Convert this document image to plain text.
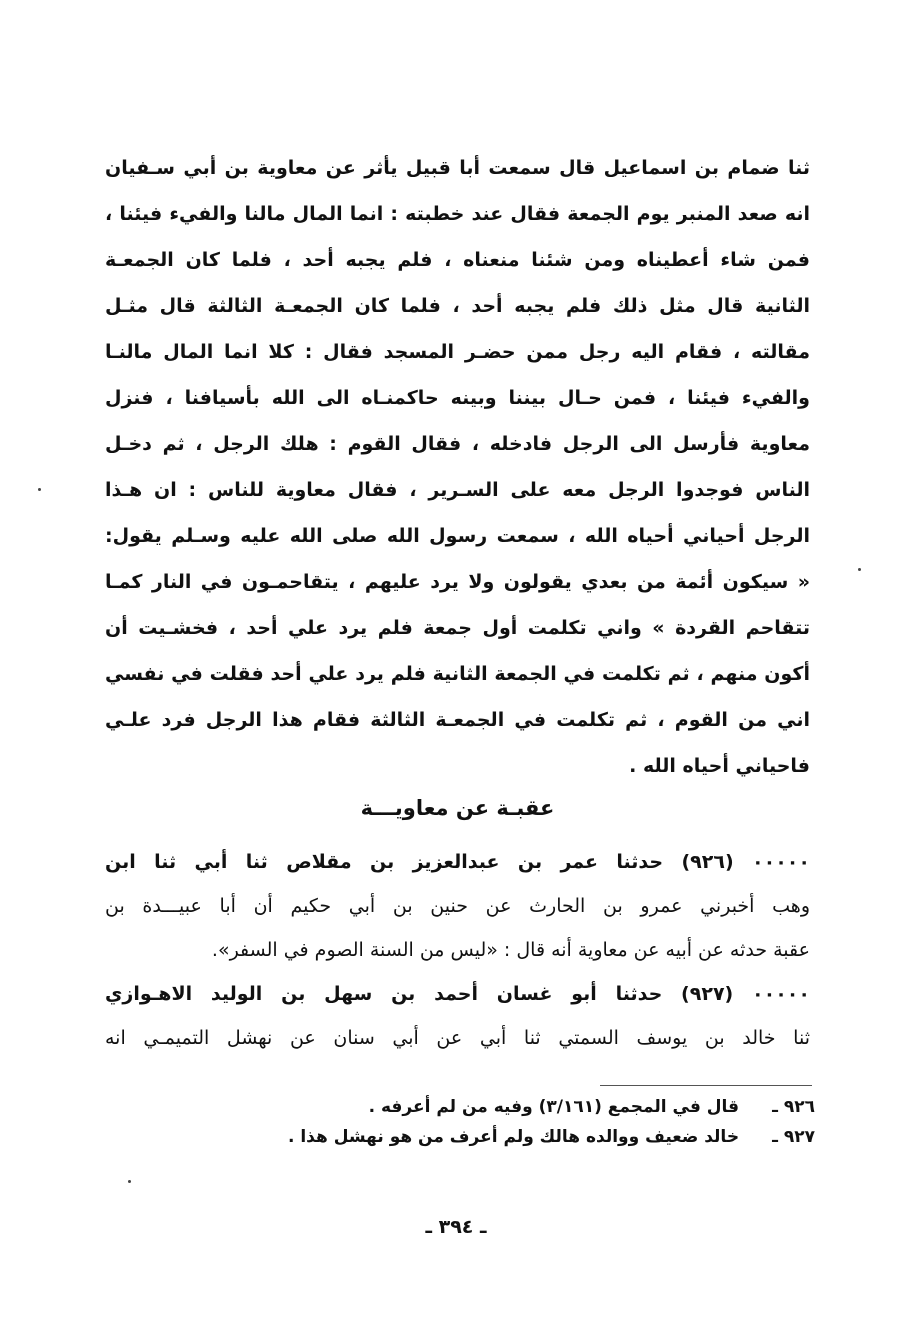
ثنا ضمام بن اسماعيل قال سمعت أبا قبيل يأثر عن معاوية بن أبي سـفيان
انه صعد المنبر يوم الجمعة فقال عند خطبته : انما المال مالنا والفيء فيئنا ،
فمن شاء أعطيناه ومن شئنا منعناه ، فلم يجبه أحد ، فلما كان الجمعـة
الثانية قال مثل ذلك فلم يجبه أحد ، فلما كان الجمعـة الثالثة قال مثـل
مقالته ، فقام اليه رجل ممن حضـر المسجد فقال : كلا انما المال مالنـا
والفيء فيئنا ، فمن حـال بيننا وبينه حاكمنـاه الى الله بأسيافنا ، فنزل
معاوية فأرسل الى الرجل فادخله ، فقال القوم : هلك الرجل ، ثم دخـل
الناس فوجدوا الرجل معه على السـرير ، فقال معاوية للناس : ان هـذا
الرجل أحياني أحياه الله ، سمعت رسول الله صلى الله عليه وسـلم يقول:
« سيكون أئمة من بعدي يقولون ولا يرد عليهم ، يتقاحمـون في النار كمـا
تتقاحم القردة » واني تكلمت أول جمعة فلم يرد علي أحد ، فخشـيت أن
أكون منهم ، ثم تكلمت في الجمعة الثانية فلم يرد علي أحد فقلت في نفسي
اني من القوم ، ثم تكلمت في الجمعـة الثالثة فقام هذا الرجل فرد علـي
فاحياني أحياه الله .
عقبـة عن معاويـــة
٠٠٠٠٠ (٩٢٦) حدثنا عمر بن عبدالعزيز بن مقلاص ثنا أبي ثنا ابن
وهب أخبرني عمرو بن الحارث عن حنين بن أبي حكيم أن أبا عبيـــدة بن
عقبة حدثه عن أبيه عن معاوية أنه قال : «ليس من السنة الصوم في السفر».
٠٠٠٠٠ (٩٢٧) حدثنا أبو غسان أحمد بن سهل بن الوليد الاهـوازي
ثنا خالد بن يوسف السمتي ثنا أبي عن أبي سنان عن نهشل التميمـي انه
٩٢٦ ـ قال في المجمع (٣/١٦١) وفيه من لم أعرفه .
٩٢٧ ـ خالد ضعيف ووالده هالك ولم أعرف من هو نهشل هذا .
ـ ٣٩٤ ـ
